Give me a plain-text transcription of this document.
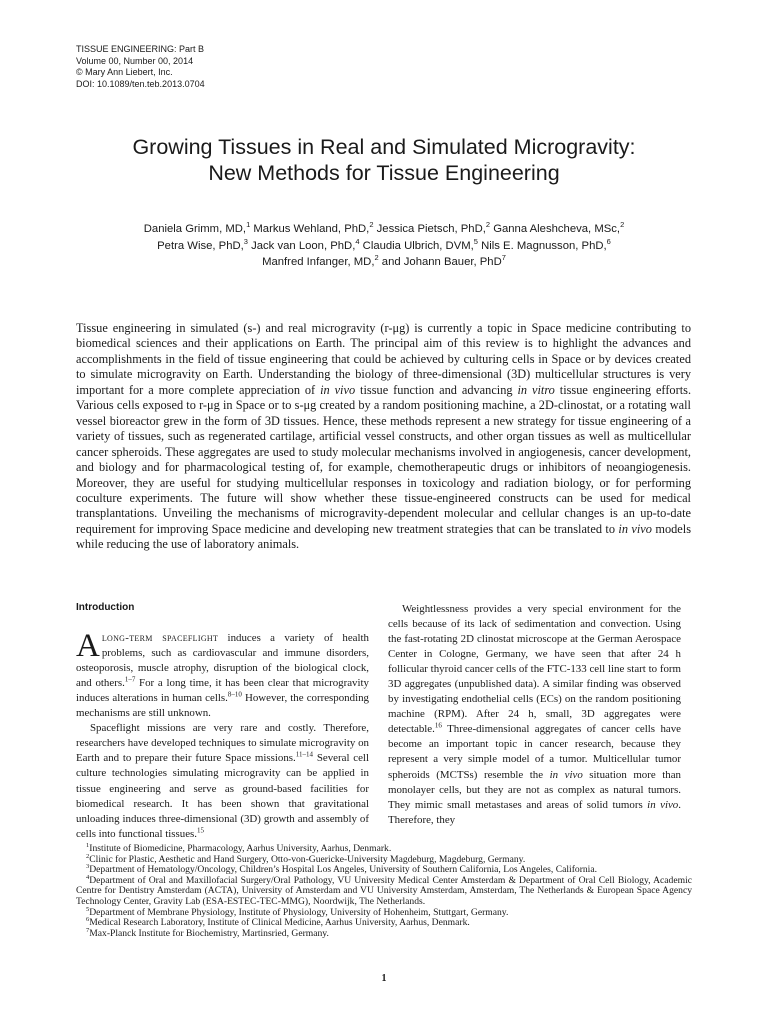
TISSUE ENGINEERING: Part B
Volume 00, Number 00, 2014
© Mary Ann Liebert, Inc.
DOI: 10.1089/ten.teb.2013.0704
Growing Tissues in Real and Simulated Microgravity:
New Methods for Tissue Engineering
Daniela Grimm, MD,$^1$ Markus Wehland, PhD,$^2$ Jessica Pietsch, PhD,$^2$ Ganna Aleshcheva, MSc,$^2$
Petra Wise, PhD,$^3$ Jack van Loon, PhD,$^4$ Claudia Ulbrich, DVM,$^5$ Nils E. Magnusson, PhD,$^6$
Manfred Infanger, MD,$^2$ and Johann Bauer, PhD$^7$
Tissue engineering in simulated (s-) and real microgravity (r-μg) is currently a topic in Space medicine contributing to biomedical sciences and their applications on Earth. The principal aim of this review is to highlight the advances and accomplishments in the field of tissue engineering that could be achieved by culturing cells in Space or by devices created to simulate microgravity on Earth. Understanding the biology of three-dimensional (3D) multicellular structures is very important for a more complete appreciation of in vivo tissue function and advancing in vitro tissue engineering efforts. Various cells exposed to r-μg in Space or to s-μg created by a random positioning machine, a 2D-clinostat, or a rotating wall vessel bioreactor grew in the form of 3D tissues. Hence, these methods represent a new strategy for tissue engineering of a variety of tissues, such as regenerated cartilage, artificial vessel constructs, and other organ tissues as well as multicellular cancer spheroids. These aggregates are used to study molecular mechanisms involved in angiogenesis, cancer development, and biology and for pharmacological testing of, for example, chemotherapeutic drugs or inhibitors of neoangiogenesis. Moreover, they are useful for studying multicellular responses in toxicology and radiation biology, or for performing coculture experiments. The future will show whether these tissue-engineered constructs can be used for medical transplantations. Unveiling the mechanisms of microgravity-dependent molecular and cellular changes is an up-to-date requirement for improving Space medicine and developing new treatment strategies that can be translated to in vivo models while reducing the use of laboratory animals.

Introduction

Along-term spaceflight induces a variety of health problems, such as cardiovascular and immune disorders, osteoporosis, muscle atrophy, disruption of the biological clock, and others.$^{1-7}$ For a long time, it has been clear that microgravity induces alterations in human cells.$^{8-10}$ However, the corresponding mechanisms are still unknown.

Spaceflight missions are very rare and costly. Therefore, researchers have developed techniques to simulate microgravity on Earth and to prepare their future Space missions.$^{11-14}$ Several cell culture technologies simulating microgravity can be applied in tissue engineering and serve as ground-based facilities for biomedical research. It has been shown that gravitational unloading induces three-dimensional (3D) growth and assembly of cells into functional tissues.$^{15}$

Weightlessness provides a very special environment for the cells because of its lack of sedimentation and convection. Using the fast-rotating 2D clinostat microscope at the German Aerospace Center in Cologne, Germany, we have seen that after 24 h follicular thyroid cancer cells of the FTC-133 cell line start to form 3D aggregates (unpublished data). A similar finding was observed by investigating endothelial cells (ECs) on the random positioning machine (RPM). After 24 h, small, 3D aggregates were detectable.$^{16}$ Three-dimensional aggregates of cancer cells have become an important topic in cancer research, because they represent a very simple model of a tumor. Multicellular tumor spheroids (MCTSs) resemble the in vivo situation more than monolayer cells, but they are not as complex as natural tumors. They mimic small metastases and areas of solid tumors in vivo. Therefore, they

$^1$Institute of Biomedicine, Pharmacology, Aarhus University, Aarhus, Denmark.
$^2$Clinic for Plastic, Aesthetic and Hand Surgery, Otto-von-Guericke-University Magdeburg, Magdeburg, Germany.
$^3$Department of Hematology/Oncology, Children’s Hospital Los Angeles, University of Southern California, Los Angeles, California.
$^4$Department of Oral and Maxillofacial Surgery/Oral Pathology, VU University Medical Center Amsterdam & Department of Oral Cell Biology, Academic Centre for Dentistry Amsterdam (ACTA), University of Amsterdam and VU University Amsterdam, Amsterdam, The Netherlands & European Space Agency Technology Center, Gravity Lab (ESA-ESTEC-TEC-MMG), Noordwijk, The Netherlands.
$^5$Department of Membrane Physiology, Institute of Physiology, University of Hohenheim, Stuttgart, Germany.
$^6$Medical Research Laboratory, Institute of Clinical Medicine, Aarhus University, Aarhus, Denmark.
$^7$Max-Planck Institute for Biochemistry, Martinsried, Germany.
1
